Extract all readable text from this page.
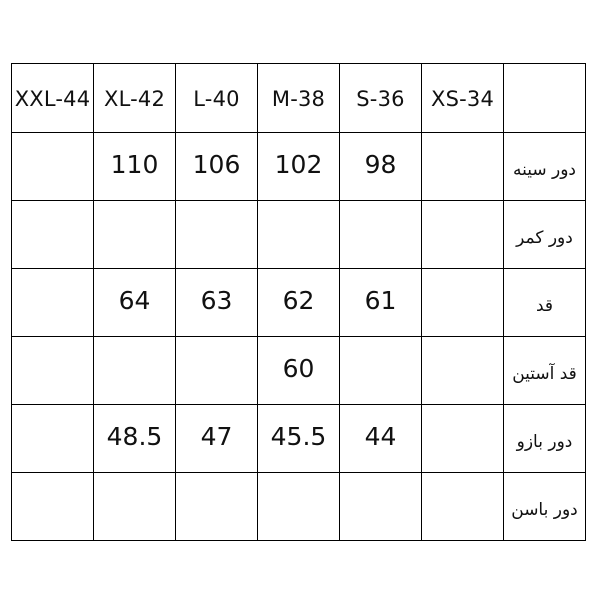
XXL-44	XL-42	L-40	M-38	S-36	XS-34	
	110	106	102	98		دور سینه
						دور کمر
	64	63	62	61		قد
			60			قد آستین
	48.5	47	45.5	44		دور بازو
						دور باسن
